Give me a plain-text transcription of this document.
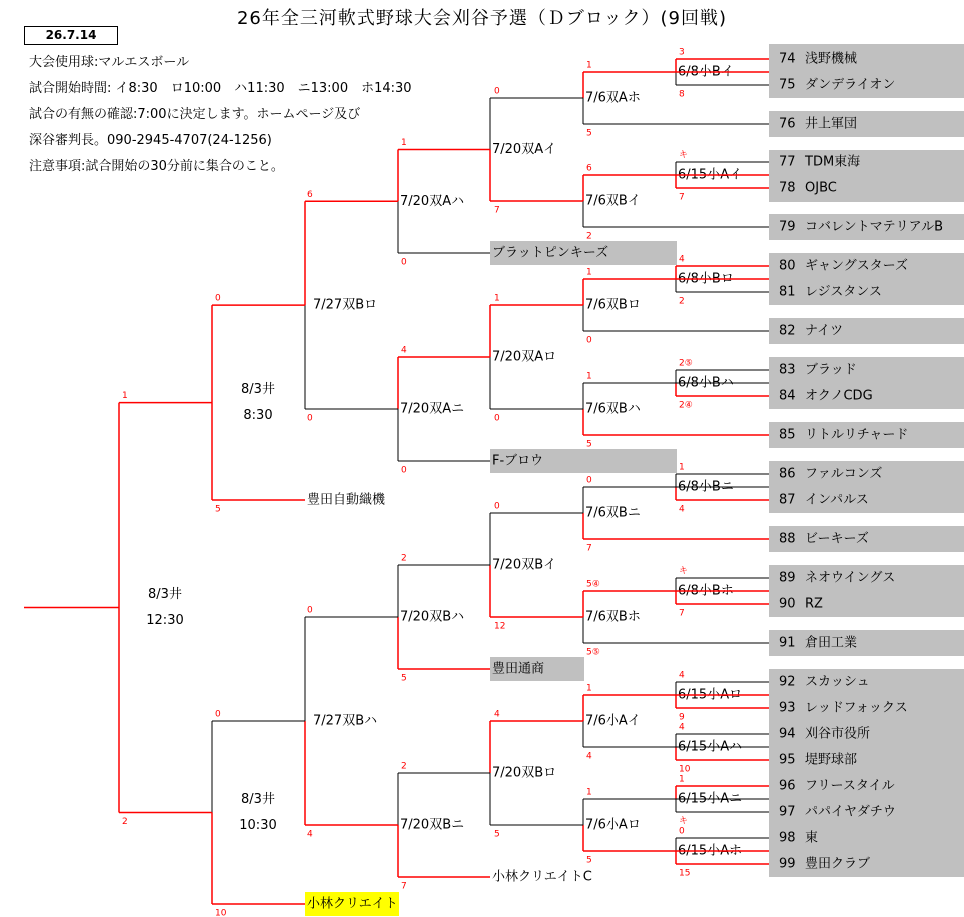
26年全三河軟式野球大会刈谷予選（Ｄブロック）(9回戦)
26.7.14
大会使用球:マルエスボール
試合開始時間: イ8:30　ロ10:00　ハ11:30　ニ13:00　ホ14:30
試合の有無の確認:7:00に決定します。ホームページ及び
深谷審判長。090-2945-4707(24-1256)
注意事項:試合開始の30分前に集合のこと。
74 浅野機械
75 ダンデライオン
76 井上軍団
77 TDM東海
78 OJBC
79 コバレントマテリアルB
80 ギャングスターズ
81 レジスタンス
82 ナイツ
83 ブラッド
84 オクノCDG
85 リトルリチャード
86 ファルコンズ
87 インパルス
88 ビーキーズ
89 ネオウイングス
90 RZ
91 倉田工業
92 スカッシュ
93 レッドフォックス
94 刈谷市役所
95 堤野球部
96 フリースタイル
97 パパイヤダチウ
98 東
99 豊田クラブ
ブラットピンキーズ
F-ブロウ
豊田通商
豊田自動織機
小林クリエイトC
小林クリエイト
6/8小Bイ
3
8
6/15小Aイ
キ
7
6/8小Bロ
4
2
6/8小Bハ
2⑤
2④
6/8小Bニ
1
4
6/8小Bホ
キ
7
6/15小Aロ
4
9
6/15小Aハ
4
10
6/15小Aニ
1
キ
6/15小Aホ
0
15
7/6双Aホ
1
5
7/6双Bイ
6
2
7/6双Bロ
1
0
7/6双Bハ
1
5
7/6双Bニ
0
7
7/6双Bホ
5④
5⑤
7/6小Aイ
1
4
7/6小Aロ
1
5
7/20双Aイ
0
7
7/20双Aロ
1
0
7/20双Bイ
0
12
7/20双Bロ
4
5
7/20双Aハ
1
0
7/20双Aニ
4
0
7/20双Bハ
2
5
7/20双Bニ
2
7
7/27双Bロ
6
0
7/27双Bハ
0
4
0
5
8/3井
8:30
0
10
8/3井
10:30
1
2
8/3井
12:30
